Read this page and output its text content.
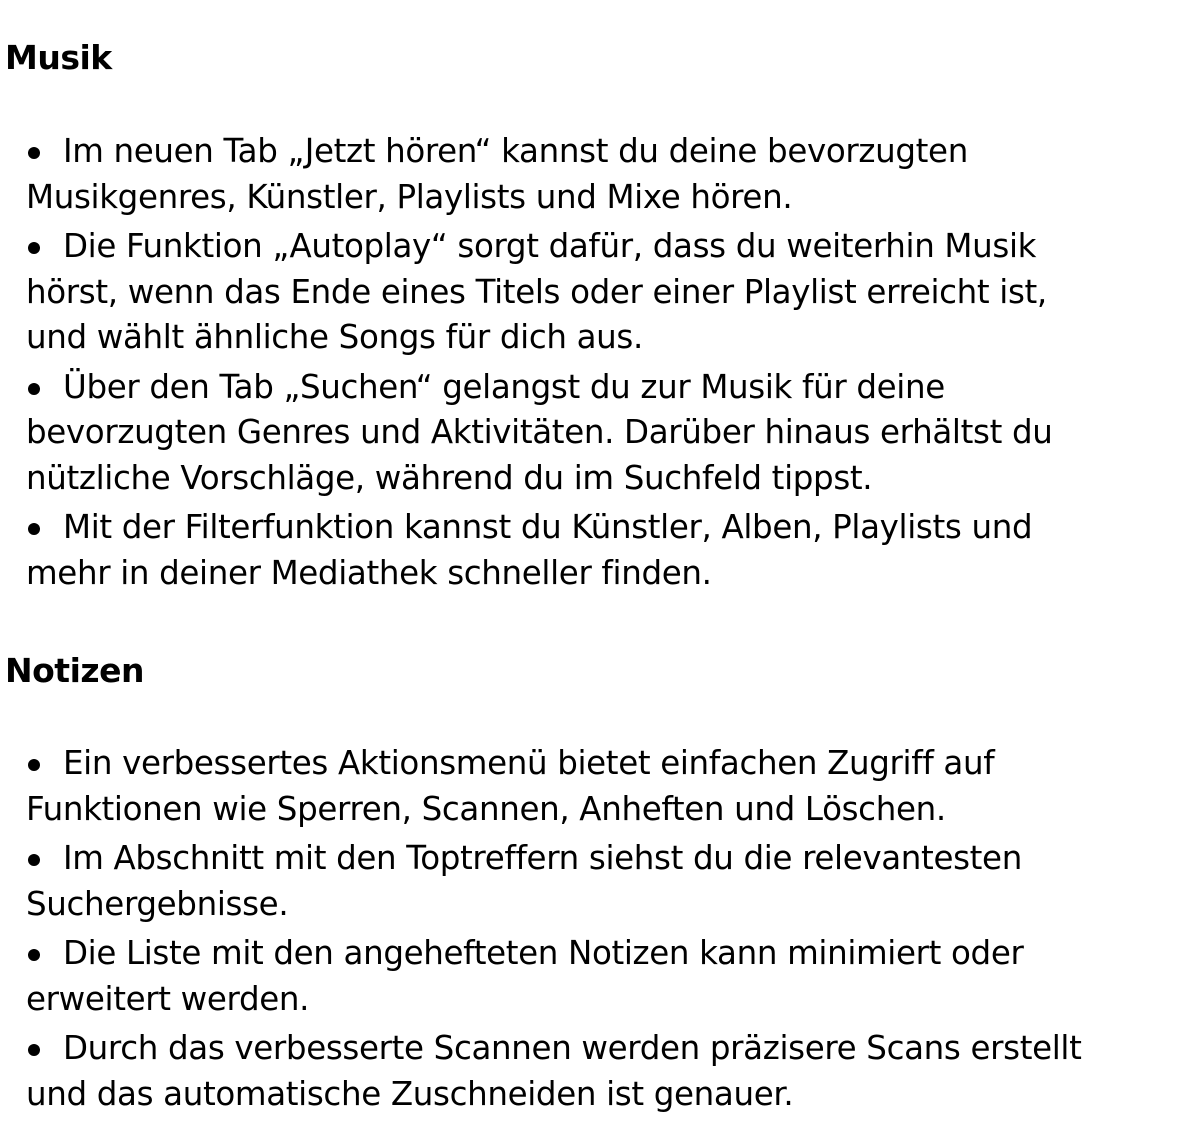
Musik
Im neuen Tab „Jetzt hören“ kannst du deine bevorzugten
Musikgenres, Künstler, Playlists und Mixe hören.
Die Funktion „Autoplay“ sorgt dafür, dass du weiterhin Musik
hörst, wenn das Ende eines Titels oder einer Playlist erreicht ist,
und wählt ähnliche Songs für dich aus.
Über den Tab „Suchen“ gelangst du zur Musik für deine
bevorzugten Genres und Aktivitäten. Darüber hinaus erhältst du
nützliche Vorschläge, während du im Suchfeld tippst.
Mit der Filterfunktion kannst du Künstler, Alben, Playlists und
mehr in deiner Mediathek schneller finden.
Notizen
Ein verbessertes Aktionsmenü bietet einfachen Zugriff auf
Funktionen wie Sperren, Scannen, Anheften und Löschen.
Im Abschnitt mit den Toptreffern siehst du die relevantesten
Suchergebnisse.
Die Liste mit den angehefteten Notizen kann minimiert oder
erweitert werden.
Durch das verbesserte Scannen werden präzisere Scans erstellt
und das automatische Zuschneiden ist genauer.
